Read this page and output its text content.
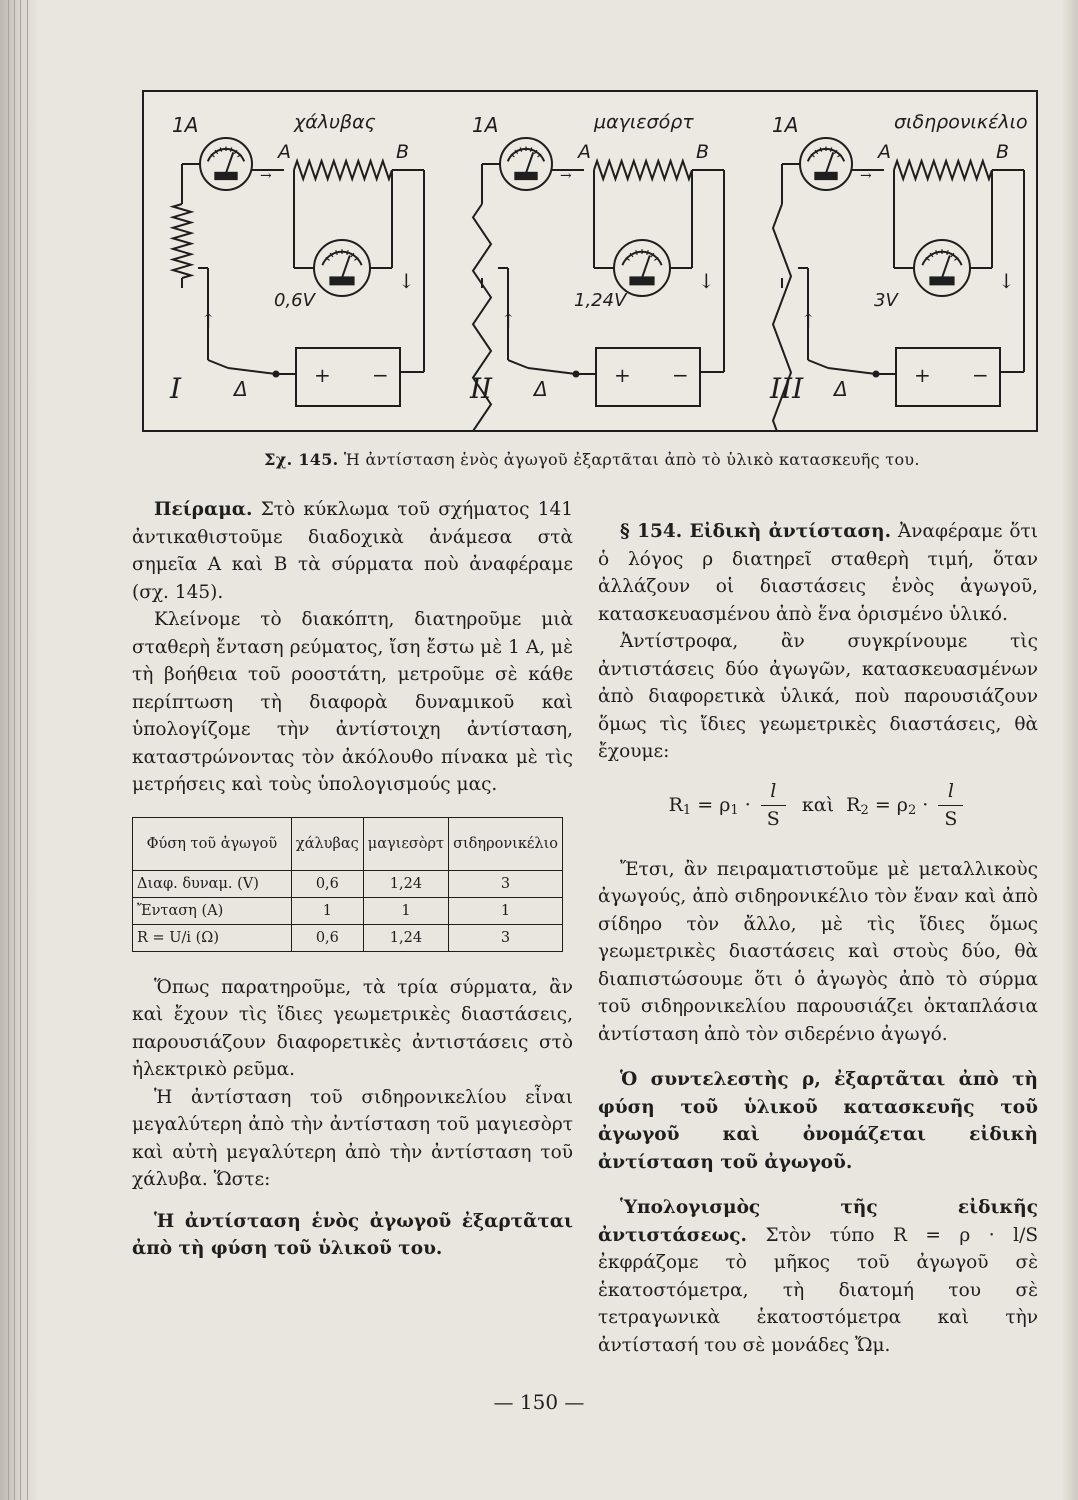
1A	χάλυβας
→
A	B
↓
0,6V
↑
Δ
+ −
I
1A	μαγιεσόρτ
→
A	B
↓
1,24V
↑
Δ
+ −
II
1A	σιδηρονικέλιο
→
A	B
↓
3V
↑
Δ
+ −
III
Σχ. 145. Ἡ ἀντίσταση ἑνὸς ἀγωγοῦ ἐξαρτᾶται ἀπὸ τὸ ὑλικὸ κατασκευῆς του.

Πείραμα. Στὸ κύκλωμα τοῦ σχήματος 141 ἀντικαθιστοῦμε διαδοχικὰ ἀνάμεσα στὰ σημεῖα Α καὶ Β τὰ σύρματα ποὺ ἀναφέραμε (σχ. 145).

Κλείνομε τὸ διακόπτη, διατηροῦμε μιὰ σταθερὴ ἔνταση ρεύματος, ἴση ἔστω μὲ 1 Α, μὲ τὴ βοήθεια τοῦ ροοστάτη, μετροῦμε σὲ κάθε περίπτωση τὴ διαφορὰ δυναμικοῦ καὶ ὑπολογίζομε τὴν ἀντίστοιχη ἀντίσταση, καταστρώνοντας τὸν ἀκόλουθο πίνακα μὲ τὶς μετρήσεις καὶ τοὺς ὑπολογισμούς μας.

Φύση τοῦ ἀγωγοῦ	χάλυβας	μαγιεσὸρτ	σιδηρονικέλιο
Διαφ. δυναμ. (V)	0,6	1,24	3
Ἔνταση (A)	1	1	1
R = U/i (Ω)	0,6	1,24	3

Ὅπως παρατηροῦμε, τὰ τρία σύρματα, ἂν καὶ ἔχουν τὶς ἴδιες γεωμετρικὲς διαστάσεις, παρουσιάζουν διαφορετικὲς ἀντιστάσεις στὸ ἠλεκτρικὸ ρεῦμα.

Ἡ ἀντίσταση τοῦ σιδηρονικελίου εἶναι μεγαλύτερη ἀπὸ τὴν ἀντίσταση τοῦ μαγιεσὸρτ καὶ αὐτὴ μεγαλύτερη ἀπὸ τὴν ἀντίσταση τοῦ χάλυβα. Ὥστε:

Ἡ ἀντίσταση ἑνὸς ἀγωγοῦ ἐξαρτᾶται ἀπὸ τὴ φύση τοῦ ὑλικοῦ του.

§ 154. Εἰδικὴ ἀντίσταση. Ἀναφέραμε ὅτι ὁ λόγος ρ διατηρεῖ σταθερὴ τιμή, ὅταν ἀλλάζουν οἱ διαστάσεις ἑνὸς ἀγωγοῦ, κατασκευασμένου ἀπὸ ἕνα ὁρισμένο ὑλικό.

Ἀντίστροφα, ἂν συγκρίνουμε τὶς ἀντιστάσεις δύο ἀγωγῶν, κατασκευασμένων ἀπὸ διαφορετικὰ ὑλικά, ποὺ παρουσιάζουν ὅμως τὶς ἴδιες γεωμετρικὲς διαστάσεις, θὰ ἔχουμε:

$R_1 = \rho_1 \cdot \frac{l}{S}$ καὶ $R_2 = \rho_2 \cdot \frac{l}{S}$

Ἔτσι, ἂν πειραματιστοῦμε μὲ μεταλλικοὺς ἀγωγούς, ἀπὸ σιδηρονικέλιο τὸν ἕναν καὶ ἀπὸ σίδηρο τὸν ἄλλο, μὲ τὶς ἴδιες ὅμως γεωμετρικὲς διαστάσεις καὶ στοὺς δύο, θὰ διαπιστώσουμε ὅτι ὁ ἀγωγὸς ἀπὸ τὸ σύρμα τοῦ σιδηρονικελίου παρουσιάζει ὀκταπλάσια ἀντίσταση ἀπὸ τὸν σιδερένιο ἀγωγό.

Ὁ συντελεστὴς ρ, ἐξαρτᾶται ἀπὸ τὴ φύση τοῦ ὑλικοῦ κατασκευῆς τοῦ ἀγωγοῦ καὶ ὀνομάζεται εἰδικὴ ἀντίσταση τοῦ ἀγωγοῦ.

Ὑπολογισμὸς τῆς εἰδικῆς ἀντιστάσεως. Στὸν τύπο R = ρ · l/S ἐκφράζομε τὸ μῆκος τοῦ ἀγωγοῦ σὲ ἑκατοστόμετρα, τὴ διατομή του σὲ τετραγωνικὰ ἑκατοστόμετρα καὶ τὴν ἀντίστασή του σὲ μονάδες Ὤμ.

— 150 —
